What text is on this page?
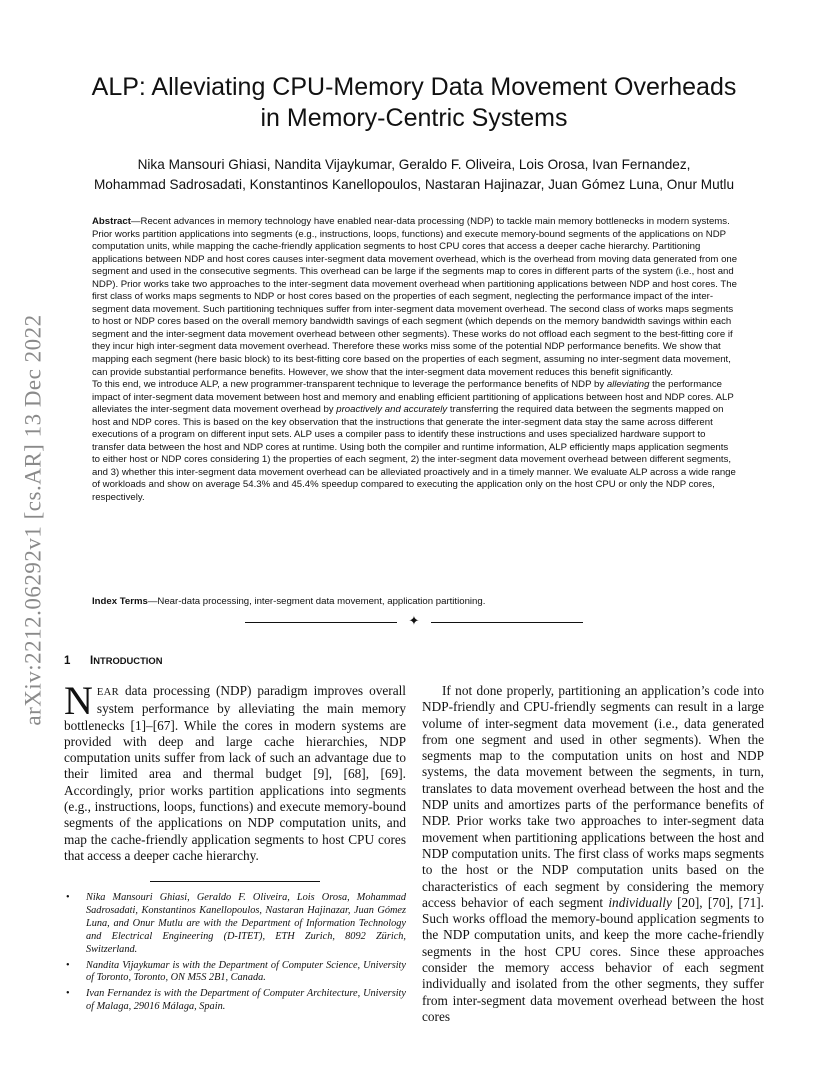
arXiv:2212.06292v1 [cs.AR] 13 Dec 2022
ALP: Alleviating CPU-Memory Data Movement Overheads
in Memory-Centric Systems
Nika Mansouri Ghiasi, Nandita Vijaykumar, Geraldo F. Oliveira, Lois Orosa, Ivan Fernandez,
Mohammad Sadrosadati, Konstantinos Kanellopoulos, Nastaran Hajinazar, Juan Gómez Luna, Onur Mutlu

Abstract—Recent advances in memory technology have enabled near-data processing (NDP) to tackle main memory bottlenecks in modern systems. Prior works partition applications into segments (e.g., instructions, loops, functions) and execute memory-bound segments of the applications on NDP computation units, while mapping the cache-friendly application segments to host CPU cores that access a deeper cache hierarchy. Partitioning applications between NDP and host cores causes inter-segment data movement overhead, which is the overhead from moving data generated from one segment and used in the consecutive segments. This overhead can be large if the segments map to cores in different parts of the system (i.e., host and NDP). Prior works take two approaches to the inter-segment data movement overhead when partitioning applications between NDP and host cores. The first class of works maps segments to NDP or host cores based on the properties of each segment, neglecting the performance impact of the inter-segment data movement. Such partitioning techniques suffer from inter-segment data movement overhead. The second class of works maps segments to host or NDP cores based on the overall memory bandwidth savings of each segment (which depends on the memory bandwidth savings within each segment and the inter-segment data movement overhead between other segments). These works do not offload each segment to the best-fitting core if they incur high inter-segment data movement overhead. Therefore these works miss some of the potential NDP performance benefits. We show that mapping each segment (here basic block) to its best-fitting core based on the properties of each segment, assuming no inter-segment data movement, can provide substantial performance benefits. However, we show that the inter-segment data movement reduces this benefit significantly.

To this end, we introduce ALP, a new programmer-transparent technique to leverage the performance benefits of NDP by alleviating the performance impact of inter-segment data movement between host and memory and enabling efficient partitioning of applications between host and NDP cores. ALP alleviates the inter-segment data movement overhead by proactively and accurately transferring the required data between the segments mapped on host and NDP cores. This is based on the key observation that the instructions that generate the inter-segment data stay the same across different executions of a program on different input sets. ALP uses a compiler pass to identify these instructions and uses specialized hardware support to transfer data between the host and NDP cores at runtime. Using both the compiler and runtime information, ALP efficiently maps application segments to either host or NDP cores considering 1) the properties of each segment, 2) the inter-segment data movement overhead between different segments, and 3) whether this inter-segment data movement overhead can be alleviated proactively and in a timely manner. We evaluate ALP across a wide range of workloads and show on average 54.3% and 45.4% speedup compared to executing the application only on the host CPU or only the NDP cores, respectively.

Index Terms—Near-data processing, inter-segment data movement, application partitioning.
✦
1 INTRODUCTION

NEAR data processing (NDP) paradigm improves overall system performance by alleviating the main memory bottlenecks [1]–[67]. While the cores in modern systems are provided with deep and large cache hierarchies, NDP computation units suffer from lack of such an advantage due to their limited area and thermal budget [9], [68], [69]. Accordingly, prior works partition applications into segments (e.g., instructions, loops, functions) and execute memory-bound segments of the applications on NDP computation units, and map the cache-friendly application segments to host CPU cores that access a deeper cache hierarchy.

• Nika Mansouri Ghiasi, Geraldo F. Oliveira, Lois Orosa, Mohammad Sadrosadati, Konstantinos Kanellopoulos, Nastaran Hajinazar, Juan Gómez Luna, and Onur Mutlu are with the Department of Information Technology and Electrical Engineering (D-ITET), ETH Zurich, 8092 Zürich, Switzerland.
• Nandita Vijaykumar is with the Department of Computer Science, University of Toronto, Toronto, ON M5S 2B1, Canada.
• Ivan Fernandez is with the Department of Computer Architecture, University of Malaga, 29016 Málaga, Spain.

If not done properly, partitioning an application’s code into NDP-friendly and CPU-friendly segments can result in a large volume of inter-segment data movement (i.e., data generated from one segment and used in other segments). When the segments map to the computation units on host and NDP systems, the data movement between the segments, in turn, translates to data movement overhead between the host and the NDP units and amortizes parts of the performance benefits of NDP. Prior works take two approaches to inter-segment data movement when partitioning applications between the host and NDP computation units. The first class of works maps segments to the host or the NDP computation units based on the characteristics of each segment by considering the memory access behavior of each segment individually [20], [70], [71]. Such works offload the memory-bound application segments to the NDP computation units, and keep the more cache-friendly segments in the host CPU cores. Since these approaches consider the memory access behavior of each segment individually and isolated from the other segments, they suffer from inter-segment data movement overhead between the host cores
